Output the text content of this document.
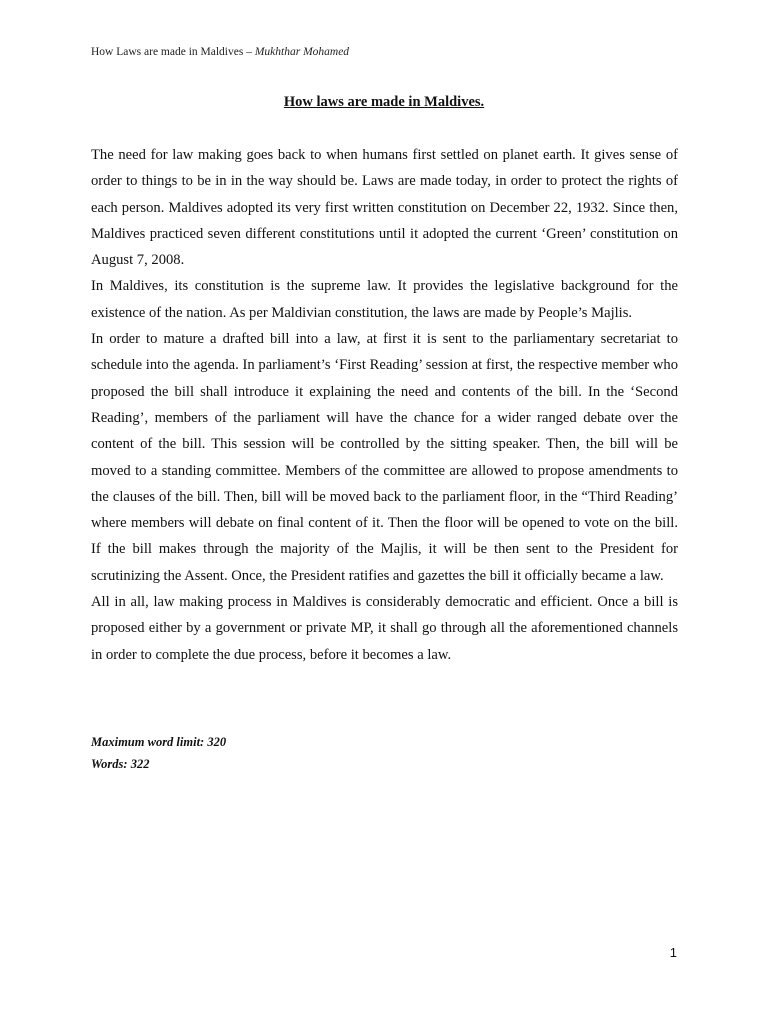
How Laws are made in Maldives – Mukhthar Mohamed
How laws are made in Maldives.

The need for law making goes back to when humans first settled on planet earth. It gives sense of order to things to be in in the way should be. Laws are made today, in order to protect the rights of each person. Maldives adopted its very first written constitution on December 22, 1932. Since then, Maldives practiced seven different constitutions until it adopted the current ‘Green’ constitution on August 7, 2008.

In Maldives, its constitution is the supreme law. It provides the legislative background for the existence of the nation. As per Maldivian constitution, the laws are made by People’s Majlis.

In order to mature a drafted bill into a law, at first it is sent to the parliamentary secretariat to schedule into the agenda. In parliament’s ‘First Reading’ session at first, the respective member who proposed the bill shall introduce it explaining the need and contents of the bill. In the ‘Second Reading’, members of the parliament will have the chance for a wider ranged debate over the content of the bill. This session will be controlled by the sitting speaker. Then, the bill will be moved to a standing committee. Members of the committee are allowed to propose amendments to the clauses of the bill. Then, bill will be moved back to the parliament floor, in the “Third Reading’ where members will debate on final content of it. Then the floor will be opened to vote on the bill. If the bill makes through the majority of the Majlis, it will be then sent to the President for scrutinizing the Assent. Once, the President ratifies and gazettes the bill it officially became a law.

All in all, law making process in Maldives is considerably democratic and efficient. Once a bill is proposed either by a government or private MP, it shall go through all the aforementioned channels in order to complete the due process, before it becomes a law.

Maximum word limit: 320
Words: 322
1
